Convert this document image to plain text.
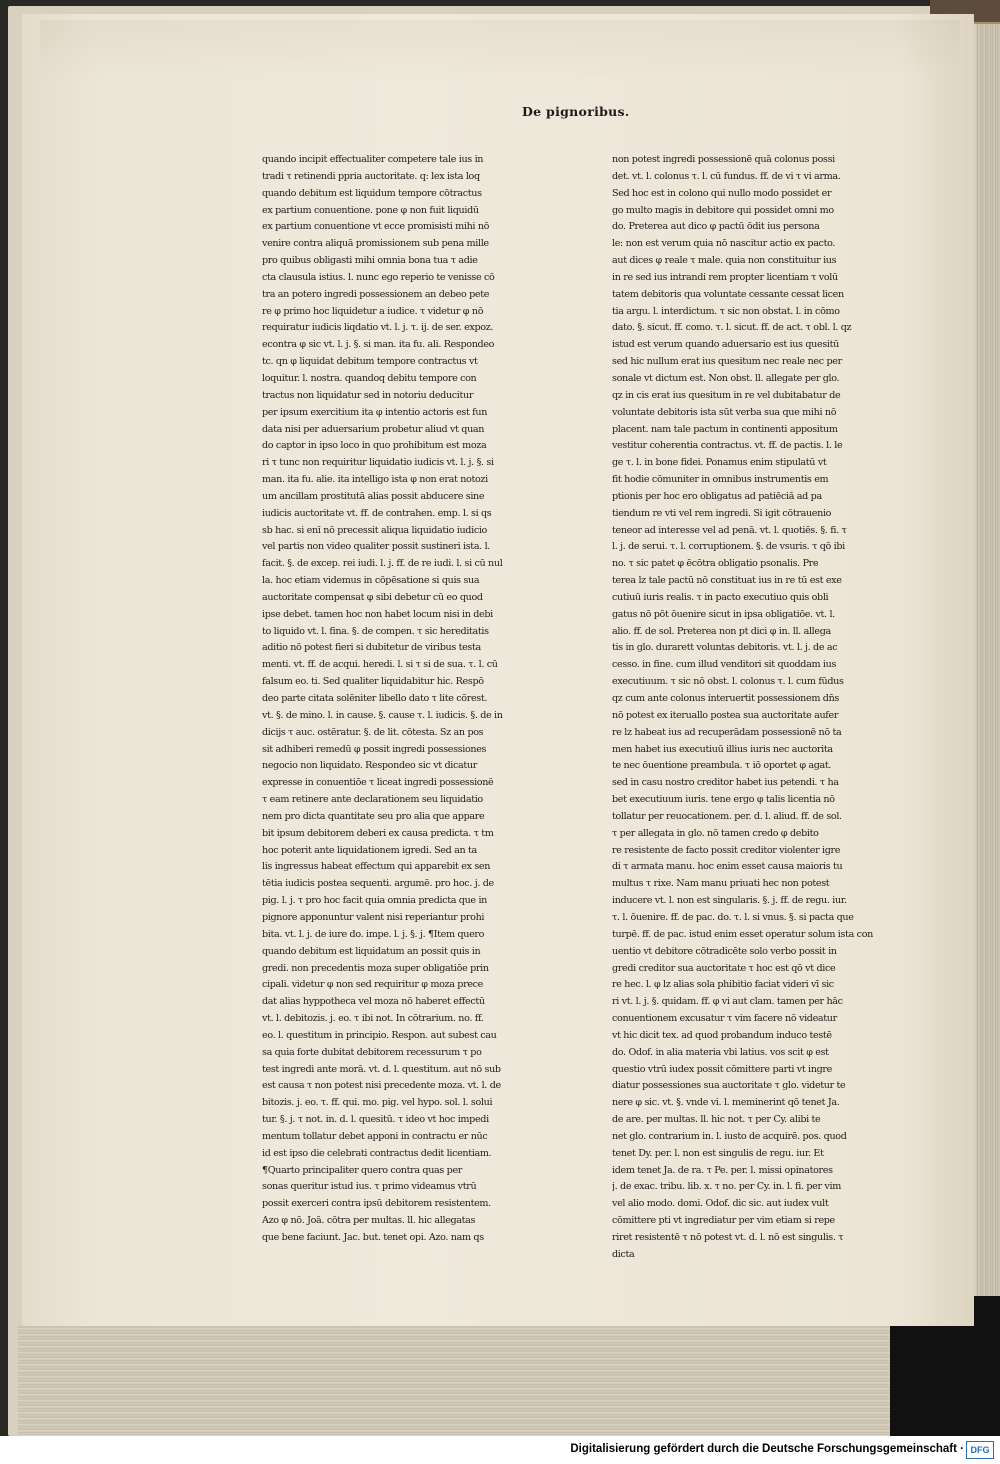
De pignoribus.
quando incipit effectualiter competere tale ius in
tradi τ retinendi ppria auctoritate. q: lex ista loq
quando debitum est liquidum tempore cōtractus
ex partium conuentione. pone φ non fuit liquidū
ex partium conuentione vt ecce promisisti mihi nō
venire contra aliquā promissionem sub pena mille
pro quibus obligasti mihi omnia bona tua τ adie
cta clausula istius. l. nunc ego reperio te venisse cō
tra an potero ingredi possessionem an debeo pete
re φ primo hoc liquidetur a iudice. τ videtur φ nō
requiratur iudicis liqdatio vt. l. j. τ. ij. de ser. expoz.
econtra φ sic vt. l. j. §. si man. ita fu. ali. Respondeo
tc. qn φ liquidat debitum tempore contractus vt
loquitur. l. nostra. quandoq debitu tempore con
tractus non liquidatur sed in notoriu deducitur
per ipsum exercitium ita φ intentio actoris est fun
data nisi per aduersarium probetur aliud vt quan
do captor in ipso loco in quo prohibitum est moza
ri τ tunc non requiritur liquidatio iudicis vt. l. j. §. si
man. ita fu. alie. ita intelligo ista φ non erat notozi
um ancillam prostitutā alias possit abducere sine
iudicis auctoritate vt. ff. de contrahen. emp. l. si qs
sb hac. si enī nō precessit aliqua liquidatio iudicio
vel partis non video qualiter possit sustineri ista. l.
facit. §. de excep. rei iudi. l. j. ff. de re iudi. l. si cū nul
la. hoc etiam videmus in cōpēsatione si quis sua
auctoritate compensat φ sibi debetur cū eo quod
ipse debet. tamen hoc non habet locum nisi in debi
to liquido vt. l. fina. §. de compen. τ sic hereditatis
aditio nō potest fieri si dubitetur de viribus testa
menti. vt. ff. de acqui. heredi. l. si τ si de sua. τ. l. cū
falsum eo. ti. Sed qualiter liquidabitur hic. Respō
deo parte citata solēniter libello dato τ lite cōrest.
vt. §. de mino. l. in cause. §. cause τ. l. iudicis. §. de in
dicijs τ auc. ostēratur. §. de lit. cōtesta. Sz an pos
sit adhiberi remedū φ possit ingredi possessiones
negocio non liquidato. Respondeo sic vt dicatur
expresse in conuentiōe τ liceat ingredi possessionē
τ eam retinere ante declarationem seu liquidatio
nem pro dicta quantitate seu pro alia que appare
bit ipsum debitorem deberi ex causa predicta. τ tm
hoc poterit ante liquidationem igredi. Sed an ta
lis ingressus habeat effectum qui apparebit ex sen
tētia iudicis postea sequenti. argumē. pro hoc. j. de
pig. l. j. τ pro hoc facit quia omnia predicta que in
pignore apponuntur valent nisi reperiantur prohi
bita. vt. l. j. de iure do. impe. l. j. §. j. ¶Item quero
quando debitum est liquidatum an possit quis in
gredi. non precedentis moza super obligatiōe prin
cipali. videtur φ non sed requiritur φ moza prece
dat alias hyppotheca vel moza nō haberet effectū
vt. l. debitozis. j. eo. τ ibi not. In cōtrarium. no. ff.
eo. l. questitum in principio. Respon. aut subest cau
sa quia forte dubitat debitorem recessurum τ po
test ingredi ante morā. vt. d. l. questitum. aut nō sub
est causa τ non potest nisi precedente moza. vt. l. de
bitozis. j. eo. τ. ff. qui. mo. pig. vel hypo. sol. l. solui
tur. §. j. τ not. in. d. l. quesitū. τ ideo vt hoc impedi
mentum tollatur debet apponi in contractu er nūc
id est ipso die celebrati contractus dedit licentiam.
¶Quarto principaliter quero contra quas per
sonas queritur istud ius. τ primo videamus vtrū
possit exerceri contra ipsū debitorem resistentem.
Azo φ nō. Joā. cōtra per multas. ll. hic allegatas
que bene faciunt. Jac. but. tenet opi. Azo. nam qs
non potest ingredi possessionē quā colonus possi
det. vt. l. colonus τ. l. cū fundus. ff. de vi τ vi arma.
Sed hoc est in colono qui nullo modo possidet er
go multo magis in debitore qui possidet omni mo
do. Preterea aut dico φ pactū ōdit ius persona
le: non est verum quia nō nascitur actio ex pacto.
aut dices φ reale τ male. quia non constituitur ius
in re sed ius intrandi rem propter licentiam τ volū
tatem debitoris qua voluntate cessante cessat licen
tia argu. l. interdictum. τ sic non obstat. l. in cōmo
dato. §. sicut. ff. como. τ. l. sicut. ff. de act. τ obl. l. qz
istud est verum quando aduersario est ius quesitū
sed hic nullum erat ius quesitum nec reale nec per
sonale vt dictum est. Non obst. ll. allegate per glo.
qz in cis erat ius quesitum in re vel dubitabatur de
voluntate debitoris ista sūt verba sua que mihi nō
placent. nam tale pactum in continenti appositum
vestitur coherentia contractus. vt. ff. de pactis. l. le
ge τ. l. in bone fidei. Ponamus enim stipulatū vt
fit hodie cōmuniter in omnibus instrumentis em
ptionis per hoc ero obligatus ad patiēciā ad pa
tiendum re vti vel rem ingredi. Si igit cōtrauenio
teneor ad interesse vel ad penā. vt. l. quotiēs. §. fi. τ
l. j. de serui. τ. l. corruptionem. §. de vsuris. τ qō ibi
no. τ sic patet φ ēcōtra obligatio psonalis. Pre
terea lz tale pactū nō constituat ius in re tū est exe
cutiuū iuris realis. τ in pacto executiuo quis obli
gatus nō pōt ōuenire sicut in ipsa obligatiōe. vt. l.
alio. ff. de sol. Preterea non pt dici φ in. ll. allega
tis in glo. durarett voluntas debitoris. vt. l. j. de ac
cesso. in fine. cum illud venditori sit quoddam ius
executiuum. τ sic nō obst. l. colonus τ. l. cum fūdus
qz cum ante colonus interuertit possessionem dn̄s
nō potest ex iteruallo postea sua auctoritate aufer
re lz habeat ius ad recuperādam possessionē nō ta
men habet ius executiuū illius iuris nec auctorita
te nec ōuentione preambula. τ iō oportet φ agat.
sed in casu nostro creditor habet ius petendi. τ ha
bet executiuum iuris. tene ergo φ talis licentia nō
tollatur per reuocationem. per. d. l. aliud. ff. de sol.
τ per allegata in glo. nō tamen credo φ debito
re resistente de facto possit creditor violenter igre
di τ armata manu. hoc enim esset causa maioris tu
multus τ rixe. Nam manu priuati hec non potest
inducere vt. l. non est singularis. §. j. ff. de regu. iur.
τ. l. ōuenire. ff. de pac. do. τ. l. si vnus. §. si pacta que
turpē. ff. de pac. istud enim esset operatur solum ista con
uentio vt debitore cōtradicēte solo verbo possit in
gredi creditor sua auctoritate τ hoc est qō vt dice
re hec. l. φ lz alias sola phibitio faciat videri vī sic
ri vt. l. j. §. quidam. ff. φ vi aut clam. tamen per hāc
conuentionem excusatur τ vim facere nō videatur
vt hic dicit tex. ad quod probandum induco testē
do. Odof. in alia materia vbi latius. vos scit φ est
questio vtrū iudex possit cōmittere parti vt ingre
diatur possessiones sua auctoritate τ glo. videtur te
nere φ sic. vt. §. vnde vi. l. meminerint qō tenet Ja.
de are. per multas. ll. hic not. τ per Cy. alibi te
net glo. contrarium in. l. iusto de acquirē. pos. quod
tenet Dy. per. l. non est singulis de regu. iur. Et
idem tenet Ja. de ra. τ Pe. per. l. missi opinatores
j. de exac. tribu. lib. x. τ no. per Cy. in. l. fi. per vim
vel alio modo. domi. Odof. dic sic. aut iudex vult
cōmittere pti vt ingrediatur per vim etiam si repe
riret resistentē τ nō potest vt. d. l. nō est singulis. τ
dicta
Digitalisierung gefördert durch die Deutsche Forschungsgemeinschaft · DFG
